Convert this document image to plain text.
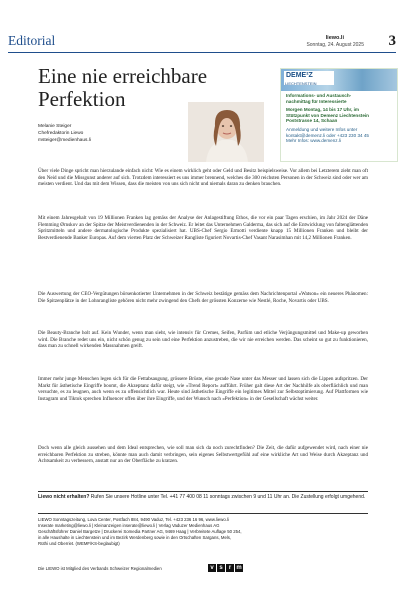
Editorial	liewo.li
Sonntag, 24. August 2025 3
Eine nie erreichbare
Perfektion
Melanie Steiger
Chefredaktorin Liewo
msteiger@medienhaus.li
DEME²Z
LIECHTENSTEIN
Informations- und Austausch-
nachmittag für Interessierte
Morgen Montag, 14 bis 17 Uhr, im
Stützpunkt von Demenz Liechtenstein
Poststrasse 14, Schaan
Anmeldung und weitere Infos unter
kontakt@demenz.li oder +423 230 34 45
Mehr Infos: www.demenz.li
Über viele Dinge spricht man hierzulande einfach nicht: Wie es einem wirklich geht oder Geld und Besitz beispielsweise. Vor allem bei Letzterem zieht man oft den Neid und die Missgunst anderer auf sich. Trotzdem interessiert es uns immer brennend, welches die 300 reichsten Personen in der Schweiz sind oder wer am meisten verdient. Und das mit dem Wissen, dass die meisten von uns sich nicht und niemals daran zu denken brauchen.
Mit einem Jahresgehalt von 19 Millionen Franken lag gemäss der Analyse der Anlagestiftung Ethos, die vor ein paar Tagen erschien, im Jahr 2024 der Däne Flemming Ørnskov an der Spitze der Meistverdienenden in der Schweiz. Er leitet das Unternehmen Galderma, das sich auf die Entwicklung von faltenglättenden Spritzmitteln und andere dermatologische Produkte spezialisiert hat. UBS-Chef Sergio Ermotti verdiente knapp 15 Millionen Franken und bleibt der Bestverdienende Banker Europas. Auf dem vierten Platz der Schweizer Rangliste figuriert Novartis-Chef Vasant Narasimhan mit 14,2 Millionen Franken.
Die Auswertung der CEO-Vergütungen börsenkotierter Unternehmen in der Schweiz bestätige gemäss dem Nachrichtenportal «Watson» ein neueres Phänomen: Die Spitzenplätze in der Lohnrangliste gehören nicht mehr zwingend den Chefs der grössten Konzerne wie Nestlé, Roche, Novartis oder UBS.
Die Beauty-Branche holt auf. Kein Wunder, wenn man sieht, wie intensiv für Cremes, Seifen, Parfüm und etliche Verjüngungsmittel und Make-up geworben wird. Die Branche redet uns ein, nicht schön genug zu sein und eine Perfektion anzustreben, die wir nie erreichen werden. Das scheint so gut zu funktionieren, dass man zu schnell wirkenden Massnahmen greift.
Immer mehr junge Menschen legen sich für die Fettabsaugung, grössere Brüste, eine gerade Nase unter das Messer und lassen sich die Lippen aufspritzen. Der Markt für ästhetische Eingriffe boomt, die Akzeptanz dafür steigt, wie «Trend Report» aufführt. Früher galt diese Art der Nachhilfe als oberflächlich und man versuchte, es zu leugnen, auch wenn es zu offensichtlich war. Heute sind ästhetische Eingriffe ein legitimes Mittel zur Selbstoptimierung. Auf Plattformen wie Instagram und Tiktok sprechen Influencer offen über ihre Eingriffe, und der Wunsch nach «Perfektion» in der Gesellschaft wächst weiter.
Doch wenn alle gleich aussehen und dem Ideal entsprechen, wie soll man sich da noch zurechtfinden? Die Zeit, die dafür aufgewendet wird, nach einer nie erreichbaren Perfektion zu streben, könnte man auch damit verbringen, sein eigenes Selbstwertgefühl auf eine wirkliche Art und Weise durch Akzeptanz und Achtsamkeit zu verbessern, anstatt nur an der Oberfläche zu kratzen.
Liewo nicht erhalten? Rufen Sie unsere Hotline unter Tel. +41 77 400 08 11 sonntags zwischen 9 und 11 Uhr an. Die Zustellung erfolgt umgehend.
LIEWO Sonntagszeitung, Lova Center, Postfach 884, 9490 Vaduz, Tel. +423 236 16 96, www.liewo.li
Inserate marketing@liewo.li | Kleinanzeigen inserate@liewo.li | Verlag Vaduzer Medienhaus AG
Geschäftsführer Daniel Bargetze | Druckerei Somedia Partner AG, 9469 Haag | Verbreitete Auflage 50 254,
in alle Haushalte in Liechtenstein und im Bezirk Werdenberg sowie in den Ortschaften Sargans, Mels,
Rüthi und Oberriet. (WEMF/KS-beglaubigt)
Die LIEWO ist Mitglied des Verbands Schweizer Regionalmedien	v s	r m
